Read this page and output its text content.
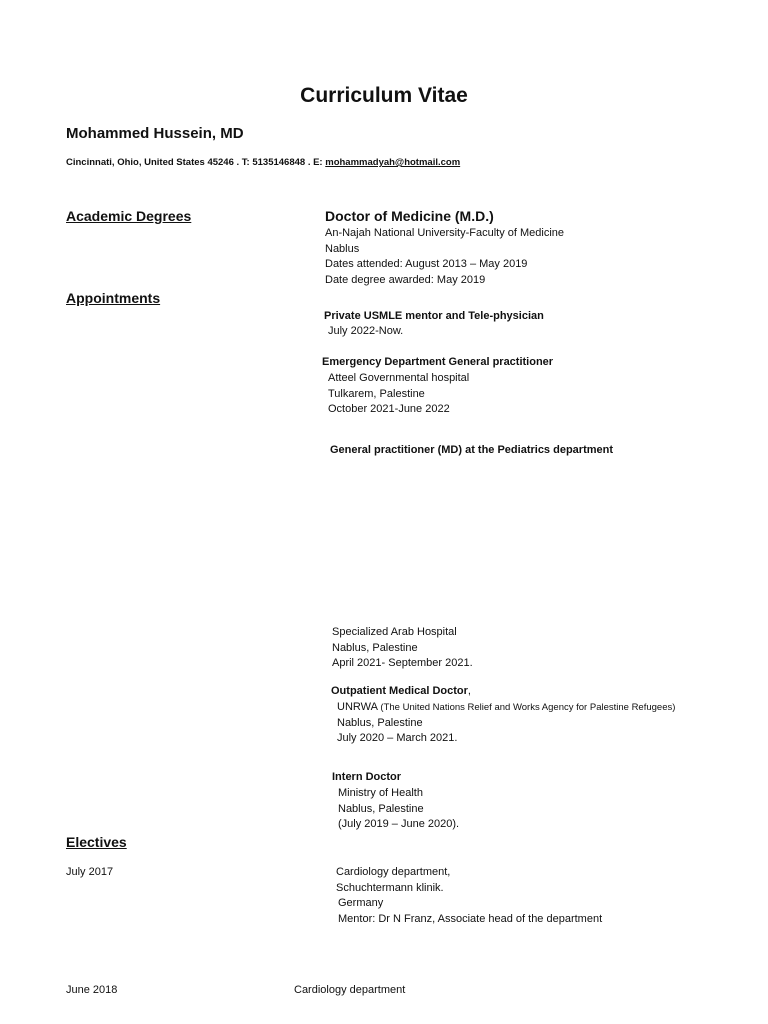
Curriculum Vitae
Mohammed Hussein, MD
Cincinnati, Ohio, United States 45246 . T: 5135146848 . E: mohammadyah@hotmail.com
Academic Degrees
Appointments
Electives
Doctor of Medicine (M.D.)
An-Najah National University-Faculty of Medicine
Nablus
Dates attended: August 2013 – May 2019
Date degree awarded: May 2019
Private USMLE mentor and Tele-physician
July 2022-Now.
Emergency Department General practitioner
Atteel Governmental hospital
Tulkarem, Palestine
October 2021-June 2022
General practitioner (MD) at the Pediatrics department
Specialized Arab Hospital
Nablus, Palestine
April 2021- September 2021.
Outpatient Medical Doctor,
UNRWA (The United Nations Relief and Works Agency for Palestine Refugees)
Nablus, Palestine
July 2020 – March 2021.
Intern Doctor
Ministry of Health
Nablus, Palestine
(July 2019 – June 2020).
July 2017	Cardiology department,
Schuchtermann klinik.
Germany
Mentor: Dr N Franz, Associate head of the department
June 2018	Cardiology department
